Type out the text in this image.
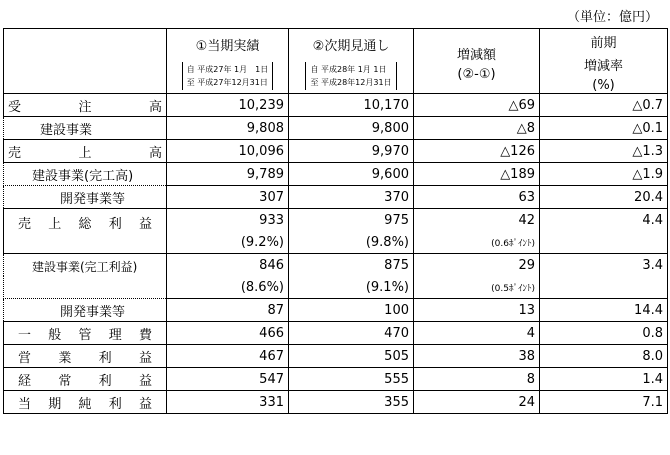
（単位：億円）

	①当期実績
自 平成27年 1月　1日
至 平成27年12月31日	②次期見通し
自 平成28年 1月 1日
至 平成28年12月31日	増減額
(②-①)	前期
増減率
(%)

受　　注　　高	10,239	10,170	△69	△0.7
建設事業	9,808	9,800	△8	△0.1
売　　上　　高	10,096	9,970	△126	△1.3
建設事業(完工高)	9,789	9,600	△189	△1.9
開発事業等	307	370	63	20.4
売 上 総 利 益	933	975	42	4.4
	(9.2%)	(9.8%)	(0.6ﾎﾟｲﾝﾄ)	
建設事業(完工利益)	846	875	29	3.4
	(8.6%)	(9.1%)	(0.5ﾎﾟｲﾝﾄ)	
開発事業等	87	100	13	14.4
一 般 管 理 費	466	470	4	0.8
営 業 利 益	467	505	38	8.0
経 常 利 益	547	555	8	1.4
当 期 純 利 益	331	355	24	7.1
